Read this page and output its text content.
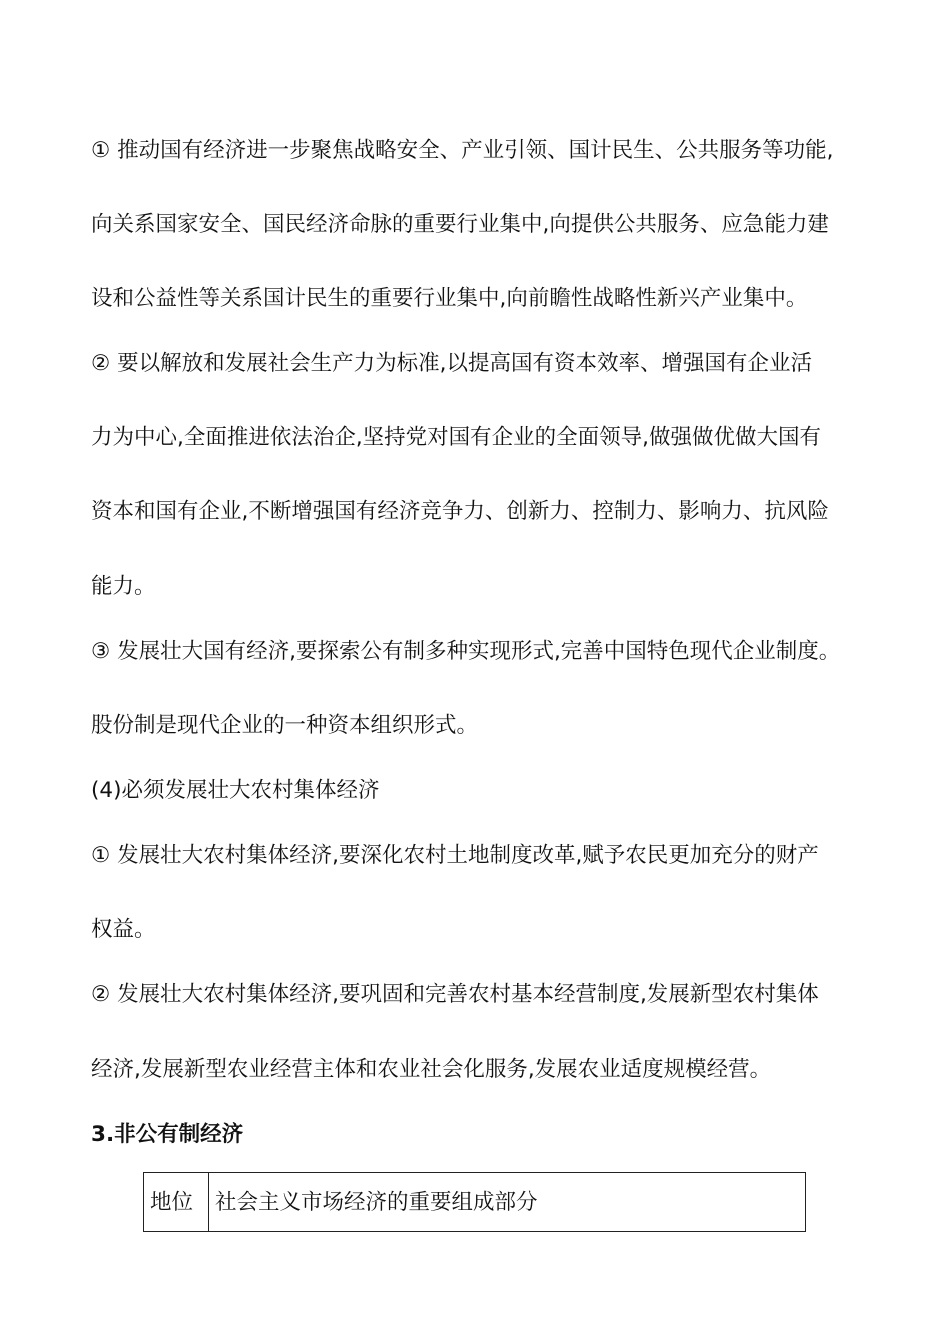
① 推动国有经济进一步聚焦战略安全、产业引领、国计民生、公共服务等功能,
向关系国家安全、国民经济命脉的重要行业集中,向提供公共服务、应急能力建
设和公益性等关系国计民生的重要行业集中,向前瞻性战略性新兴产业集中。
② 要以解放和发展社会生产力为标准,以提高国有资本效率、增强国有企业活
力为中心,全面推进依法治企,坚持党对国有企业的全面领导,做强做优做大国有
资本和国有企业,不断增强国有经济竞争力、创新力、控制力、影响力、抗风险
能力。
③ 发展壮大国有经济,要探索公有制多种实现形式,完善中国特色现代企业制度。
股份制是现代企业的一种资本组织形式。
(4)必须发展壮大农村集体经济
① 发展壮大农村集体经济,要深化农村土地制度改革,赋予农民更加充分的财产
权益。
② 发展壮大农村集体经济,要巩固和完善农村基本经营制度,发展新型农村集体
经济,发展新型农业经营主体和农业社会化服务,发展农业适度规模经营。
3.非公有制经济
地位	社会主义市场经济的重要组成部分
